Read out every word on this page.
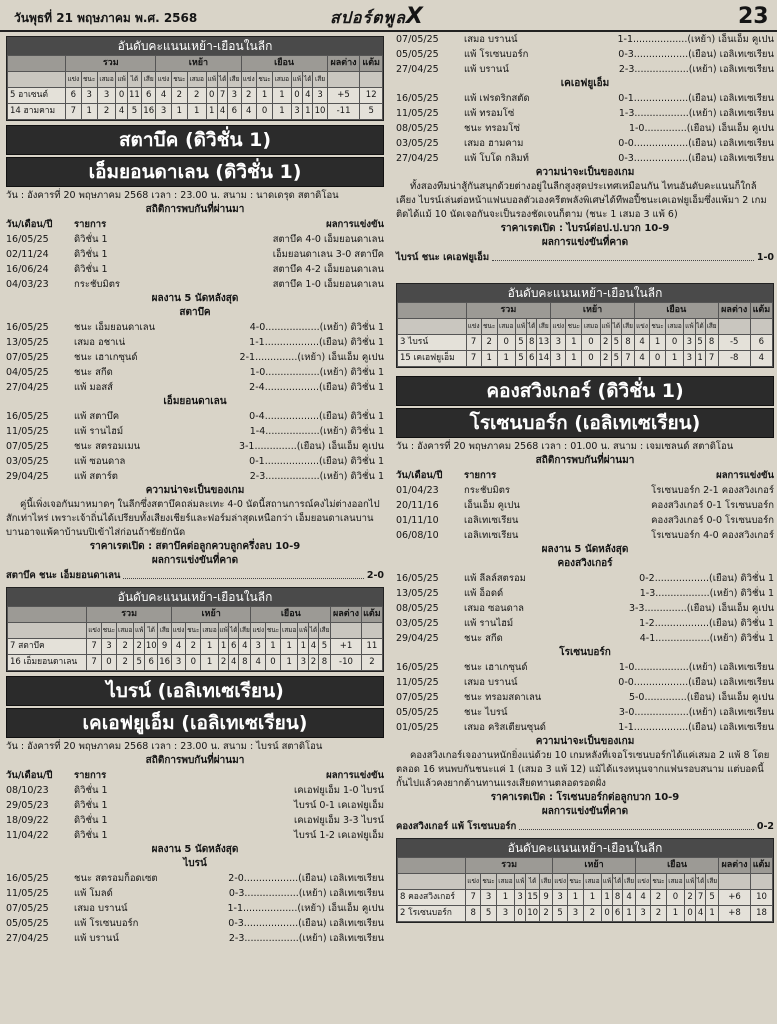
วันพุธที่ 21 พฤษภาคม พ.ศ. 2568	สปอร์ตพูลX	23
อันดับคะแนนเหย้า-เยือนในลีก
	รวม						เหย้า						เยือน						ผลต่าง	แต้ม
	แข่ง	ชนะ	เสมอ	แพ้	ได้	เสีย	แข่ง	ชนะ	เสมอ	แพ้	ได้	เสีย	แข่ง	ชนะ	เสมอ	แพ้	ได้	เสีย		
5 อาเซนต์	6	3	3	0	11	6	4	2	2	0	7	3	2	1	1	0	4	3	+5	12
14 ฮามคาม	7	1	2	4	5	16	3	1	1	1	4	6	4	0	1	3	1	10	-11	5
สตาบึค (ดิวิชั่น 1)
เอ็มยอนดาเลน (ดิวิชั่น 1)
วัน : อังคารที่ 20 พฤษภาคม 2568 เวลา : 23.00 น. สนาม : นาดเดรุด สตาดิโอน
สถิติการพบกันที่ผ่านมา
วัน/เดือน/ปี	รายการ	ผลการแข่งขัน
16/05/25	ดิวิชั่น 1	สตาบึค 4-0 เอ็มยอนดาเลน
02/11/24	ดิวิชั่น 1	เอ็มยอนดาเลน 3-0 สตาบึค
16/06/24	ดิวิชั่น 1	สตาบึค 4-2 เอ็มยอนดาเลน
04/03/23	กระชับมิตร	สตาบึค 1-0 เอ็มยอนดาเลน
ผลงาน 5 นัดหลังสุด
สตาบึค
16/05/25	ชนะ เอ็มยอนดาเลน	4-0..................(เหย้า) ดิวิชั่น 1
13/05/25	เสมอ อชาเน่	1-1..................(เยือน) ดิวิชั่น 1
07/05/25	ชนะ เฮาเกซุนด์	2-1..............(เหย้า) เอ็นเอ็ม คูเปน
04/05/25	ชนะ สกีด	1-0..................(เหย้า) ดิวิชั่น 1
27/04/25	แพ้ มอสส์	2-4..................(เยือน) ดิวิชั่น 1
เอ็มยอนดาเลน
16/05/25	แพ้ สตาบึค	0-4..................(เยือน) ดิวิชั่น 1
11/05/25	แพ้ รานไฮม์	1-4..................(เหย้า) ดิวิชั่น 1
07/05/25	ชนะ สตรอมเมน	3-1..............(เยือน) เอ็นเอ็ม คูเปน
03/05/25	แพ้ ซอนดาล	0-1..................(เยือน) ดิวิชั่น 1
29/04/25	แพ้ สตาร์ต	2-3..................(เหย้า) ดิวิชั่น 1
ความน่าจะเป็นของเกม
คู่นี้เพิ่งเจอกันมาหมาดๆ ในลีกซึ่งสตาบึคถล่มละเทะ 4-0 นัดนี้สถานการณ์คงไม่ต่างออกไปสักเท่าไหร่ เพราะเจ้าถิ่นได้เปรียบทั้งเสียงเชียร์และฟอร์มล่าสุดเหนือกว่า เอ็มยอนดาเลนบานบานอาจแพ้คาบ้านบปิเข้าไส่ก่อนถ้าชัยยักนัด
ราคาเรตเปิด : สตาบึคต่อลูกควบลูกครึ่งลบ 10-9
ผลการแข่งขันที่คาด
สตาบึค ชนะ เอ็มยอนดาเลน	2-0
อันดับคะแนนเหย้า-เยือนในลีก
	รวม						เหย้า						เยือน						ผลต่าง	แต้ม
	แข่ง	ชนะ	เสมอ	แพ้	ได้	เสีย	แข่ง	ชนะ	เสมอ	แพ้	ได้	เสีย	แข่ง	ชนะ	เสมอ	แพ้	ได้	เสีย		
7 สตาบึค	7	3	2	2	10	9	4	2	1	1	6	4	3	1	1	1	4	5	+1	11
16 เอ็มยอนดาเลน	7	0	2	5	6	16	3	0	1	2	4	8	4	0	1	3	2	8	-10	2
ไบรน์ (เอลิเทเซเรียน)
เคเอฟยูเอ็ม (เอลิเทเซเรียน)
วัน : อังคารที่ 20 พฤษภาคม 2568 เวลา : 23.00 น. สนาม : ไบรน์ สตาดิโอน
สถิติการพบกันที่ผ่านมา
วัน/เดือน/ปี	รายการ	ผลการแข่งขัน
08/10/23	ดิวิชั่น 1	เคเอฟยูเอ็ม 1-0 ไบรน์
29/05/23	ดิวิชั่น 1	ไบรน์ 0-1 เคเอฟยูเอ็ม
18/09/22	ดิวิชั่น 1	เคเอฟยูเอ็ม 3-3 ไบรน์
11/04/22	ดิวิชั่น 1	ไบรน์ 1-2 เคเอฟยูเอ็ม
ผลงาน 5 นัดหลังสุด
ไบรน์
16/05/25	ชนะ สตรอมก็อดเซต	2-0..................(เยือน) เอลิเทเซเรียน
11/05/25	แพ้ โมลด์	0-3..................(เหย้า) เอลิเทเซเรียน
07/05/25	เสมอ บรานน์	1-1..................(เหย้า) เอ็นเอ็ม คูเปน
05/05/25	แพ้ โรเซนบอร์ก	0-3..................(เยือน) เอลิเทเซเรียน
27/04/25	แพ้ บรานน์	2-3..................(เหย้า) เอลิเทเซเรียน
07/05/25	เสมอ บรานน์	1-1..................(เหย้า) เอ็นเอ็ม คูเปน
05/05/25	แพ้ โรเซนบอร์ก	0-3..................(เยือน) เอลิเทเซเรียน
27/04/25	แพ้ บรานน์	2-3..................(เหย้า) เอลิเทเซเรียน
เคเอฟยูเอ็ม
16/05/25	แพ้ เฟรดริกสตัด	0-1..................(เยือน) เอลิเทเซเรียน
11/05/25	แพ้ ทรอมโซ่	1-3..................(เหย้า) เอลิเทเซเรียน
08/05/25	ชนะ ทรอมโซ่	1-0..............(เยือน) เอ็นเอ็ม คูเปน
03/05/25	เสมอ ฮามคาม	0-0..................(เยือน) เอลิเทเซเรียน
27/04/25	แพ้ โบโด กลิมท์	0-3..................(เยือน) เอลิเทเซเรียน
ความน่าจะเป็นของเกม
ทั้งสองทีมน่าสู้กันสนุกด้วยต่างอยู่ในลีกสูงสุดประเทศเหมือนกัน ไทนอันดับคะแนนก็ใกล้เคียง ไบรน์เล่นต่อหน้าแฟนบอลตัวเองครีตพลังพิเศษได้ทีพอปี้ชนะเคเอฟยูเอ็มซึ่งแพ้มา 2 เกมติดได้แม้ 10 นัดเจอกันจะเป็นรองชัดเจนก็ตาม (ชนะ 1 เสมอ 3 แพ้ 6)
ราคาเรตเปิด : ไบรน์ต่อป.ป.บวก 10-9
ผลการแข่งขันที่คาด
ไบรน์ ชนะ เคเอฟยูเอ็ม	1-0
อันดับคะแนนเหย้า-เยือนในลีก
	รวม						เหย้า						เยือน						ผลต่าง	แต้ม
	แข่ง	ชนะ	เสมอ	แพ้	ได้	เสีย	แข่ง	ชนะ	เสมอ	แพ้	ได้	เสีย	แข่ง	ชนะ	เสมอ	แพ้	ได้	เสีย		
3 ไบรน์	7	2	0	5	8	13	3	1	0	2	5	8	4	1	0	3	5	8	-5	6
15 เคเอฟยูเอ็ม	7	1	1	5	6	14	3	1	0	2	5	7	4	0	1	3	1	7	-8	4
คองสวิงเกอร์ (ดิวิชั่น 1)
โรเซนบอร์ก (เอลิเทเซเรียน)
วัน : อังคารที่ 20 พฤษภาคม 2568 เวลา : 01.00 น. สนาม : เจมเซลนด์ สตาดิโอน
สถิติการพบกันที่ผ่านมา
วัน/เดือน/ปี	รายการ	ผลการแข่งขัน
01/04/23	กระชับมิตร	โรเซนบอร์ก 2-1 คองสวิงเกอร์
20/11/16	เอ็นเอ็ม คูเปน	คองสวิงเกอร์ 0-1 โรเซนบอร์ก
01/11/10	เอลิเทเซเรียน	คองสวิงเกอร์ 0-0 โรเซนบอร์ก
06/08/10	เอลิเทเซเรียน	โรเซนบอร์ก 4-0 คองสวิงเกอร์
ผลงาน 5 นัดหลังสุด
คองสวิงเกอร์
16/05/25	แพ้ ลีลล์สตรอม	0-2..................(เยือน) ดิวิชั่น 1
13/05/25	แพ้ อ็อดด์	1-3..................(เหย้า) ดิวิชั่น 1
08/05/25	เสมอ ซอนดาล	3-3..............(เยือน) เอ็นเอ็ม คูเปน
03/05/25	แพ้ รานไฮม์	1-2..................(เยือน) ดิวิชั่น 1
29/04/25	ชนะ สกีด	4-1..................(เหย้า) ดิวิชั่น 1
โรเซนบอร์ก
16/05/25	ชนะ เฮาเกซุนด์	1-0..................(เหย้า) เอลิเทเซเรียน
11/05/25	เสมอ บรานน์	0-0..................(เยือน) เอลิเทเซเรียน
07/05/25	ชนะ ทรอมสดาเลน	5-0..............(เยือน) เอ็นเอ็ม คูเปน
05/05/25	ชนะ ไบรน์	3-0..................(เหย้า) เอลิเทเซเรียน
01/05/25	เสมอ คริสเตียนซุนด์	1-1..................(เยือน) เอลิเทเซเรียน
ความน่าจะเป็นของเกม
คองสวิงเกอร์เจองานหนักยิ่งแน่ด้วย 10 เกมหลังที่เจอโรเซนบอร์กได้แค่เสมอ 2 แพ้ 8 โดยตลอด 16 หนพบกันชนะแค่ 1 (เสมอ 3 แพ้ 12) แม้ได้แรงหนุนจากแฟนรอบสนาม แต่บอดนี้กั้นไปแล้วคงยากต้านทานแรงเสียดทานตลอดรอดฝั่ง
ราคาเรตเปิด : โรเซนบอร์กต่อลูกบวก 10-9
ผลการแข่งขันที่คาด
คองสวิงเกอร์ แพ้ โรเซนบอร์ก	0-2
อันดับคะแนนเหย้า-เยือนในลีก
	รวม						เหย้า						เยือน						ผลต่าง	แต้ม
	แข่ง	ชนะ	เสมอ	แพ้	ได้	เสีย	แข่ง	ชนะ	เสมอ	แพ้	ได้	เสีย	แข่ง	ชนะ	เสมอ	แพ้	ได้	เสีย		
8 คองสวิงเกอร์	7	3	1	3	15	9	3	1	1	1	8	4	4	2	0	2	7	5	+6	10
2 โรเซนบอร์ก	8	5	3	0	10	2	5	3	2	0	6	1	3	2	1	0	4	1	+8	18
